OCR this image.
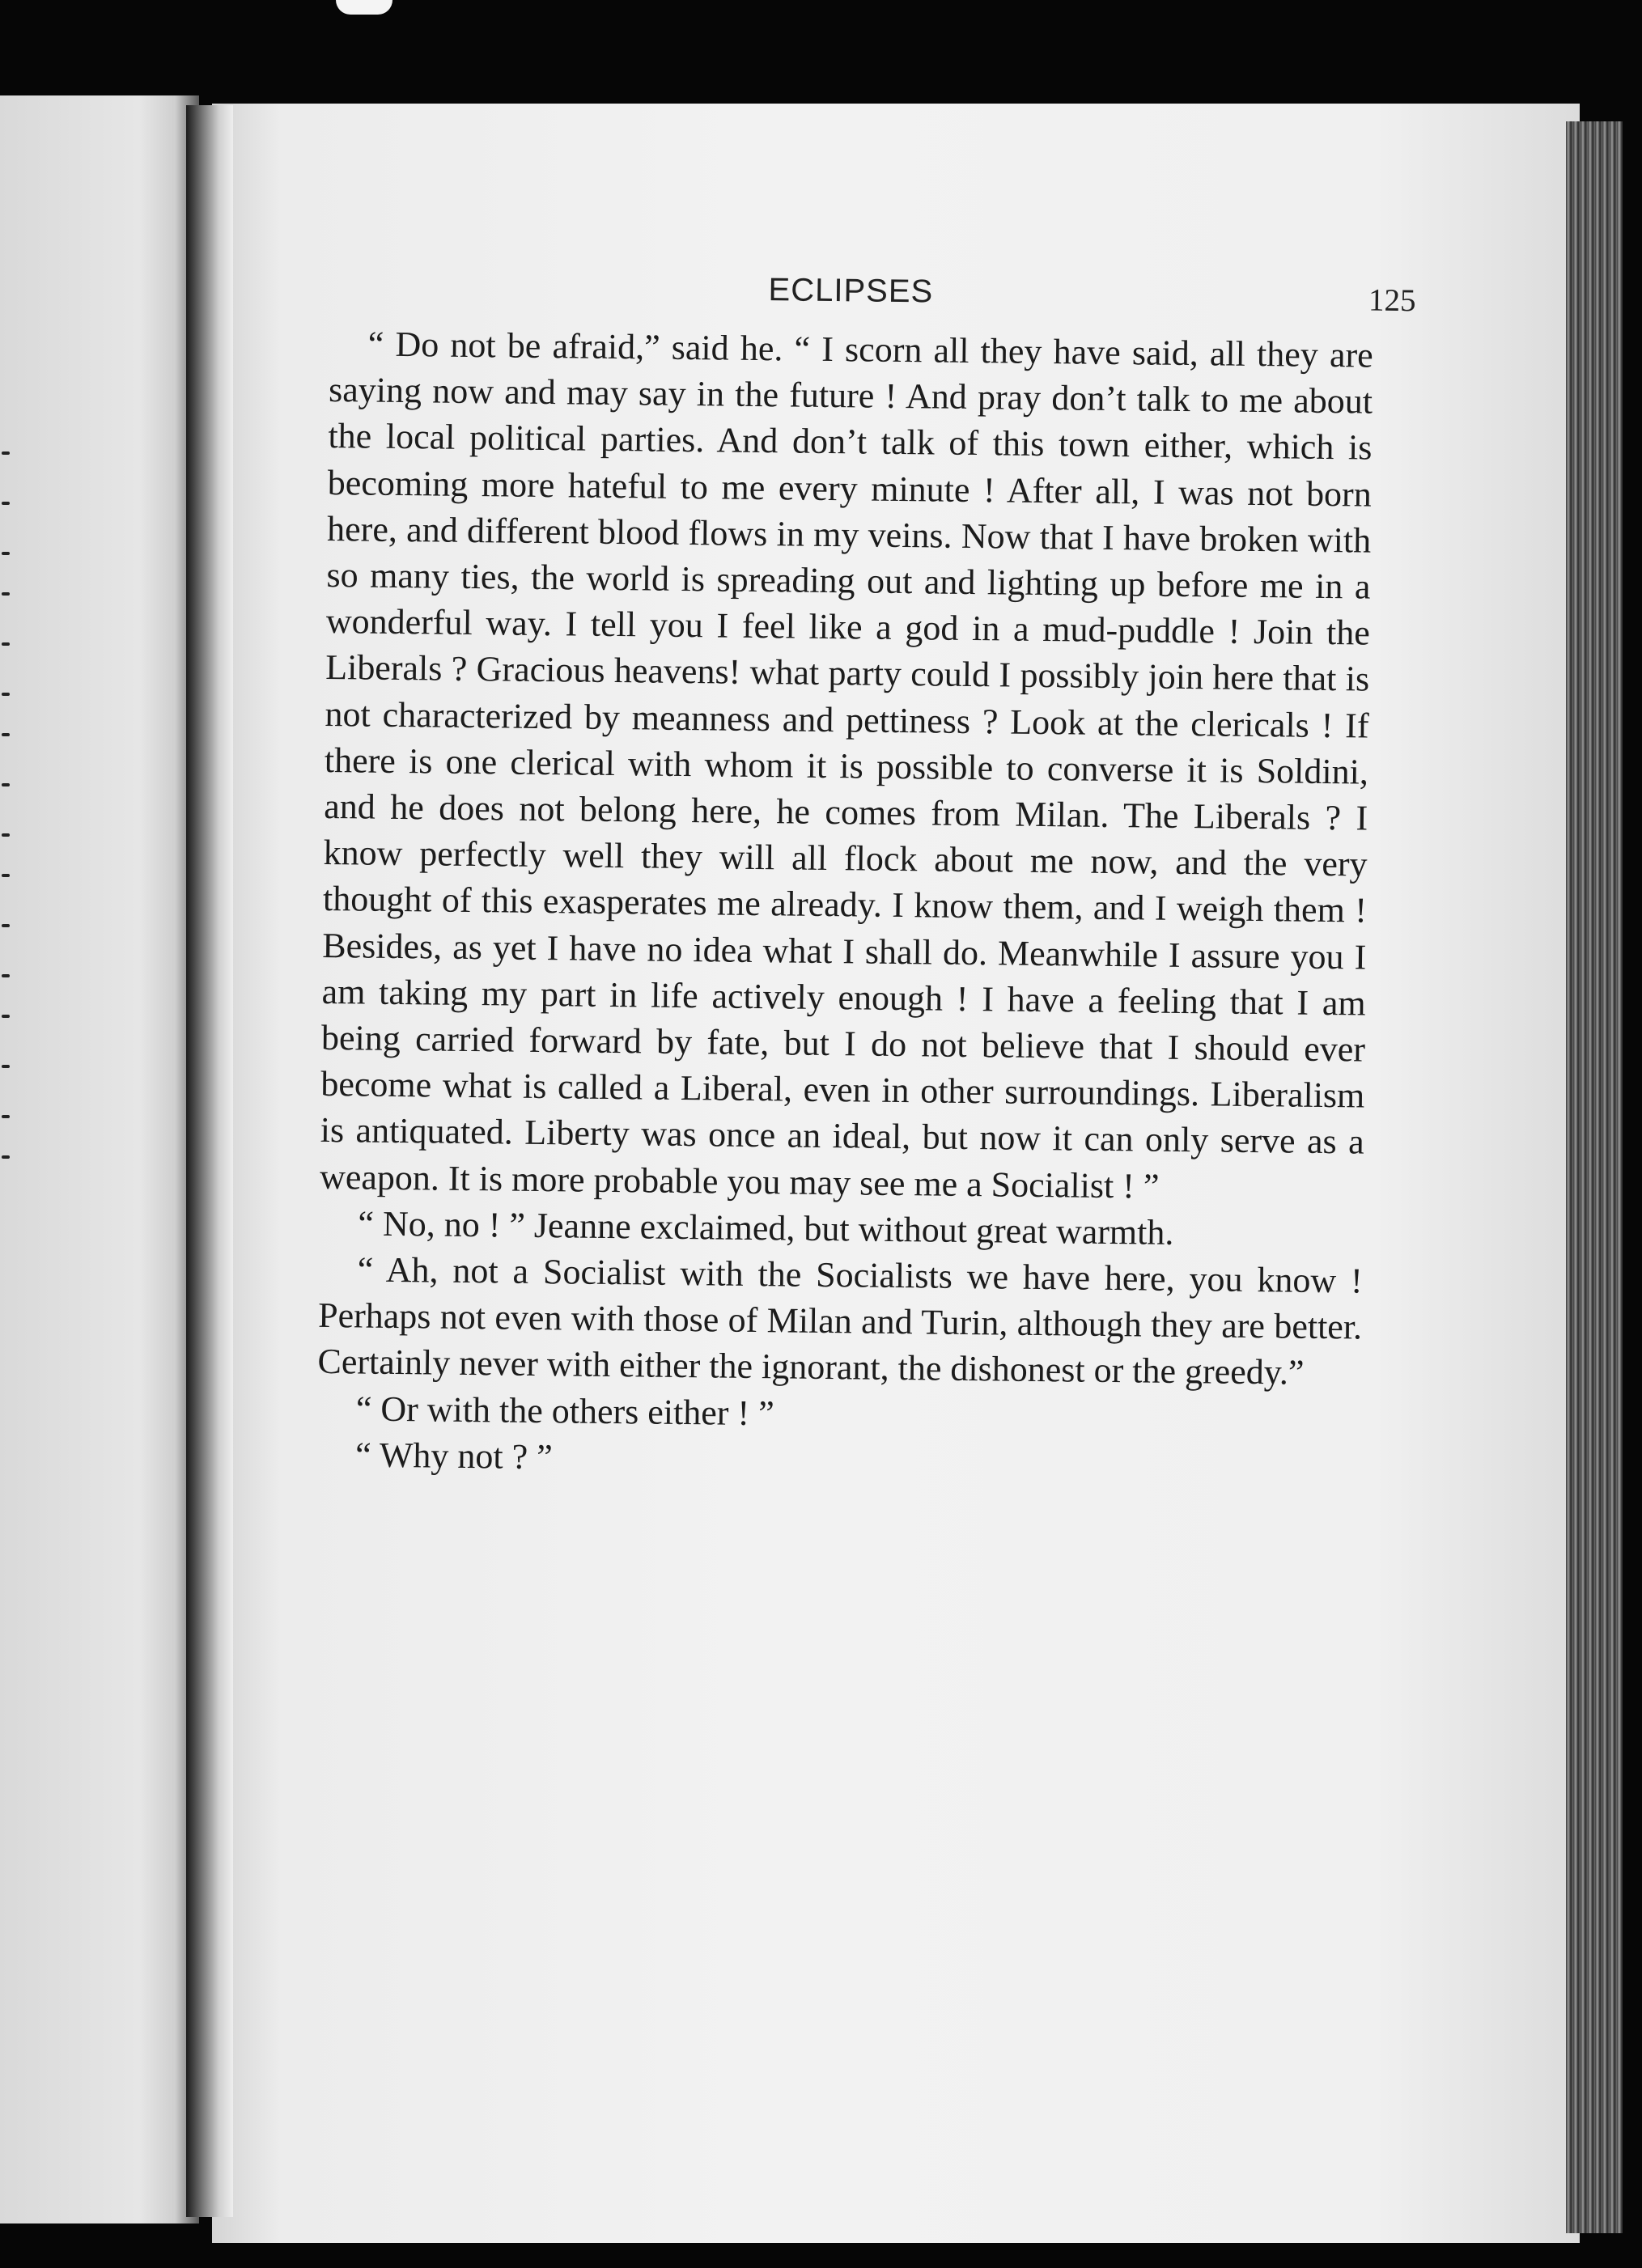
ECLIPSES	125

“ Do not be afraid,” said he. “ I scorn all they have said, all they are saying now and may say in the future ! And pray don’t talk to me about the local political parties. And don’t talk of this town either, which is becoming more hateful to me every minute ! After all, I was not born here, and different blood flows in my veins. Now that I have broken with so many ties, the world is spreading out and lighting up before me in a wonderful way. I tell you I feel like a god in a mud-puddle ! Join the Liberals ? Gracious heavens! what party could I possibly join here that is not characterized by meanness and pettiness ? Look at the clericals ! If there is one clerical with whom it is possible to converse it is Soldini, and he does not belong here, he comes from Milan. The Liberals ? I know perfectly well they will all flock about me now, and the very thought of this exasperates me already. I know them, and I weigh them ! Besides, as yet I have no idea what I shall do. Meanwhile I assure you I am taking my part in life actively enough ! I have a feeling that I am being carried forward by fate, but I do not believe that I should ever become what is called a Liberal, even in other surroundings. Liberalism is antiquated. Liberty was once an ideal, but now it can only serve as a weapon. It is more probable you may see me a Socialist ! ”

“ No, no ! ” Jeanne exclaimed, but without great warmth.

“ Ah, not a Socialist with the Socialists we have here, you know ! Perhaps not even with those of Milan and Turin, although they are better. Certainly never with either the ignorant, the dishonest or the greedy.”

“ Or with the others either ! ”

“ Why not ? ”
